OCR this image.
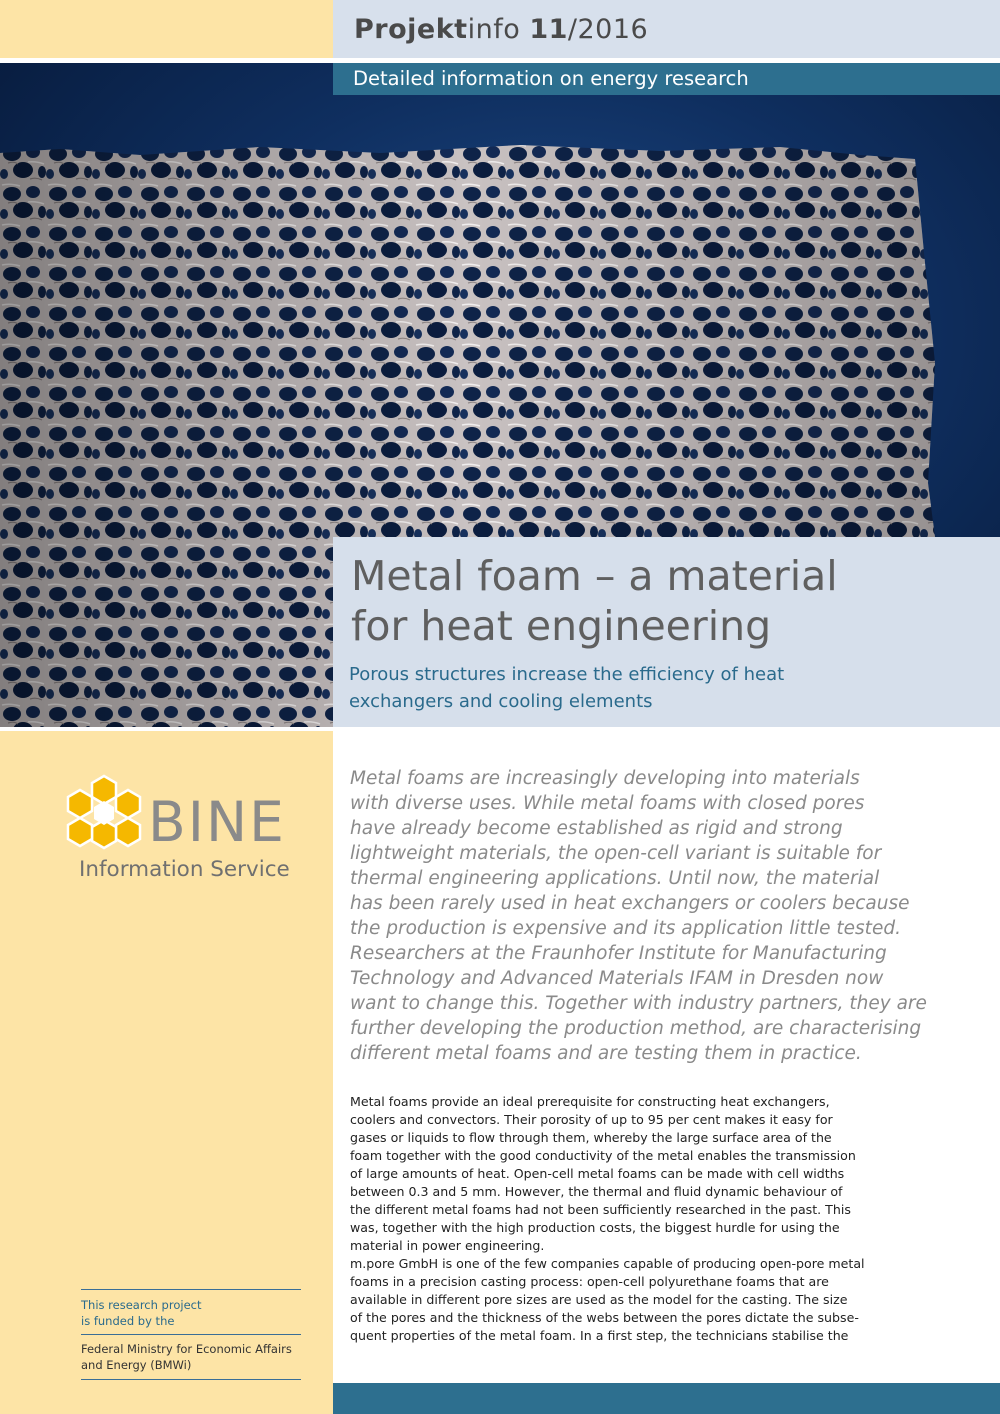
Projektinfo 11/2016
Detailed information on energy research
Metal foam – a material
for heat engineering
Porous structures increase the efficiency of heat
exchangers and cooling elements
BINE
Information Service
This research project
is funded by the
Federal Ministry for Economic Affairs
and Energy (BMWi)
Metal foams are increasingly developing into materials
with diverse uses. While metal foams with closed pores
have already become established as rigid and strong
lightweight materials, the open-cell variant is suitable for
thermal engineering applications. Until now, the material
has been rarely used in heat exchangers or coolers because
the production is expensive and its application little tested.
Researchers at the Fraunhofer Institute for Manufacturing
Technology and Advanced Materials IFAM in Dresden now
want to change this. Together with industry partners, they are
further developing the production method, are characterising
different metal foams and are testing them in practice.
Metal foams provide an ideal prerequisite for constructing heat exchangers,
coolers and convectors. Their porosity of up to 95 per cent makes it easy for
gases or liquids to flow through them, whereby the large surface area of the
foam together with the good conductivity of the metal enables the transmission
of large amounts of heat. Open-cell metal foams can be made with cell widths
between 0.3 and 5 mm. However, the thermal and fluid dynamic behaviour of
the different metal foams had not been sufficiently researched in the past. This
was, together with the high production costs, the biggest hurdle for using the
material in power engineering.
m.pore GmbH is one of the few companies capable of producing open-pore metal
foams in a precision casting process: open-cell polyurethane foams that are
available in different pore sizes are used as the model for the casting. The size
of the pores and the thickness of the webs between the pores dictate the subse-
quent properties of the metal foam. In a first step, the technicians stabilise the
